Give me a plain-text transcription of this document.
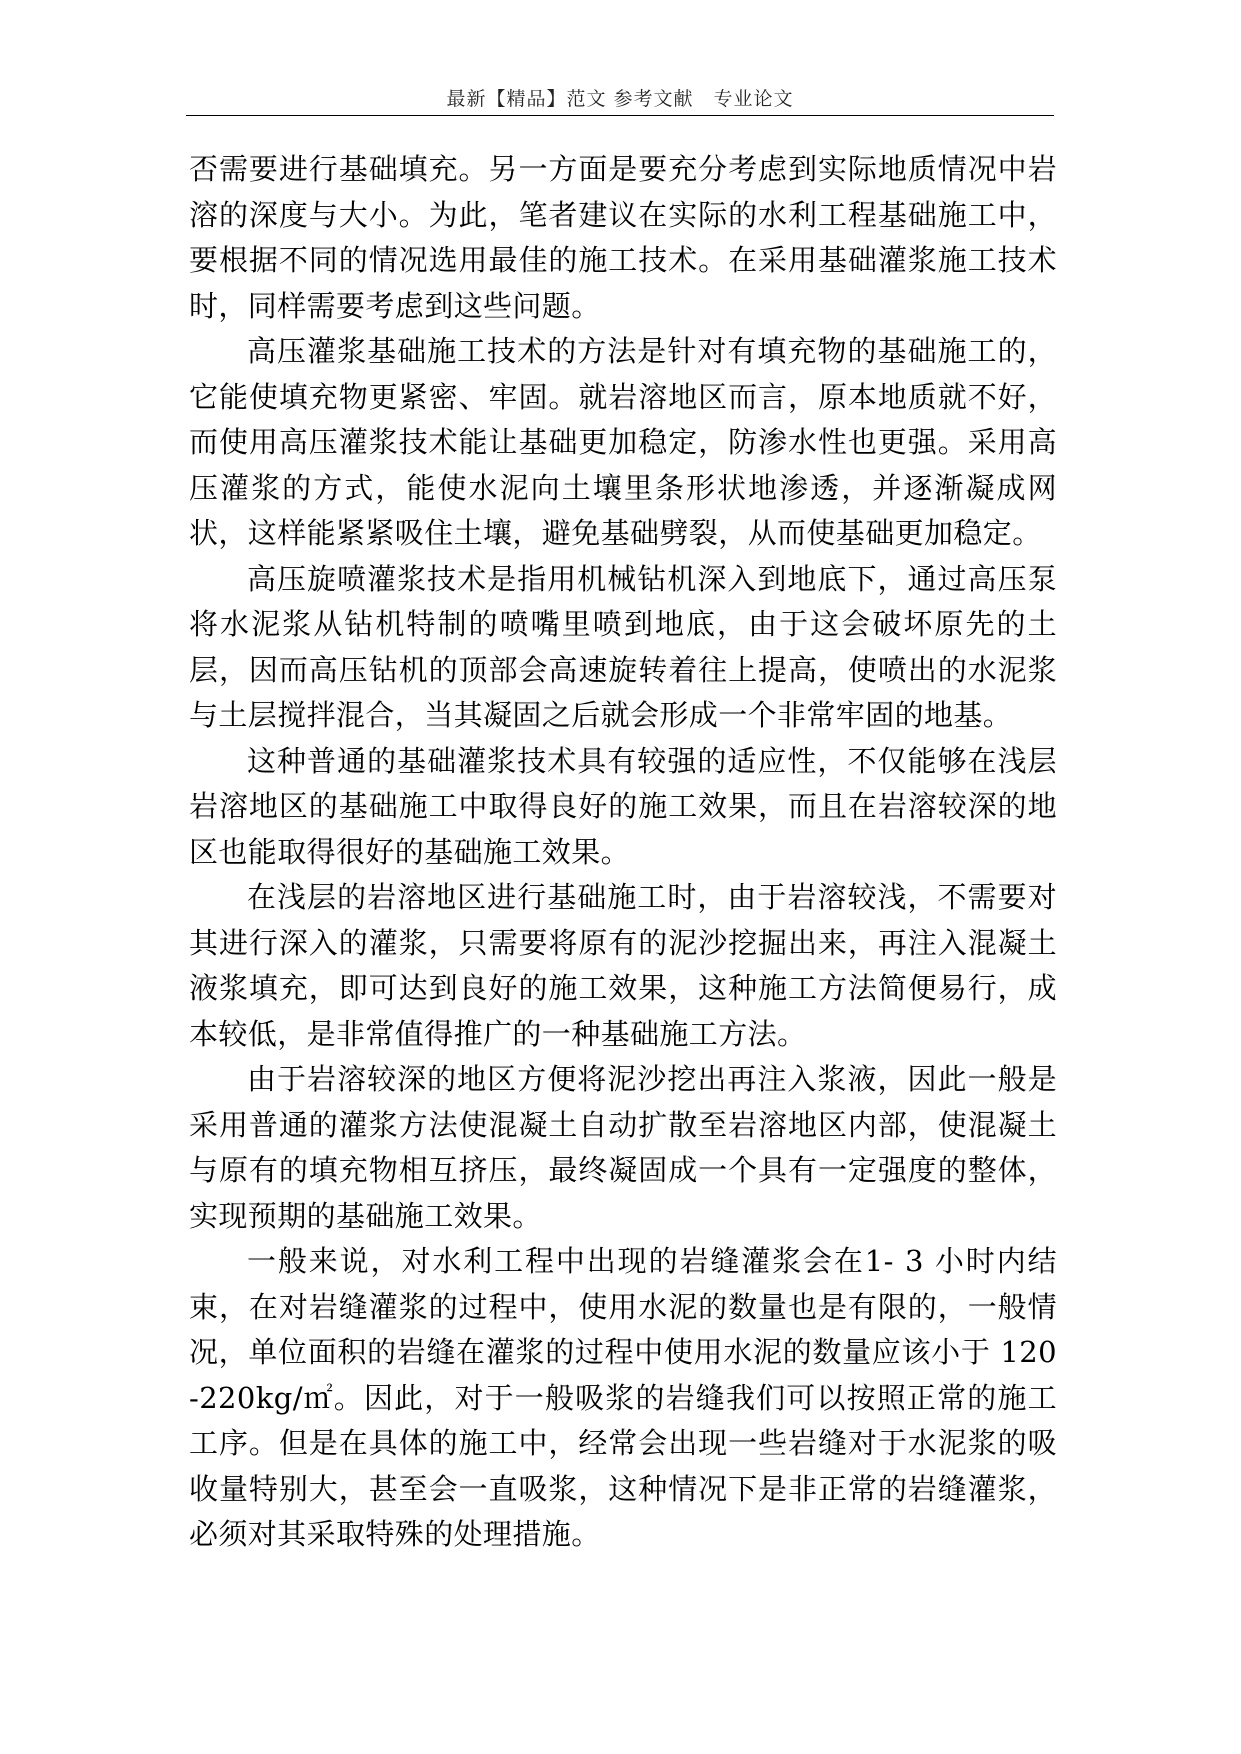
最新【精品】范文 参考文献　专业论文

否需要进行基础填充。另一方面是要充分考虑到实际地质情况中岩溶的深度与大小。为此，笔者建议在实际的水利工程基础施工中，要根据不同的情况选用最佳的施工技术。在采用基础灌浆施工技术时，同样需要考虑到这些问题。

高压灌浆基础施工技术的方法是针对有填充物的基础施工的，它能使填充物更紧密、牢固。就岩溶地区而言，原本地质就不好，而使用高压灌浆技术能让基础更加稳定，防渗水性也更强。采用高压灌浆的方式，能使水泥向土壤里条形状地渗透，并逐渐凝成网状，这样能紧紧吸住土壤，避免基础劈裂，从而使基础更加稳定。

高压旋喷灌浆技术是指用机械钻机深入到地底下，通过高压泵将水泥浆从钻机特制的喷嘴里喷到地底，由于这会破坏原先的土层，因而高压钻机的顶部会高速旋转着往上提高，使喷出的水泥浆与土层搅拌混合，当其凝固之后就会形成一个非常牢固的地基。

这种普通的基础灌浆技术具有较强的适应性，不仅能够在浅层岩溶地区的基础施工中取得良好的施工效果，而且在岩溶较深的地区也能取得很好的基础施工效果。

在浅层的岩溶地区进行基础施工时，由于岩溶较浅，不需要对其进行深入的灌浆，只需要将原有的泥沙挖掘出来，再注入混凝土液浆填充，即可达到良好的施工效果，这种施工方法简便易行，成本较低，是非常值得推广的一种基础施工方法。

由于岩溶较深的地区方便将泥沙挖出再注入浆液，因此一般是采用普通的灌浆方法使混凝土自动扩散至岩溶地区内部，使混凝土与原有的填充物相互挤压，最终凝固成一个具有一定强度的整体，实现预期的基础施工效果。

一般来说，对水利工程中出现的岩缝灌浆会在1- 3 小时内结束，在对岩缝灌浆的过程中，使用水泥的数量也是有限的，一般情况，单位面积的岩缝在灌浆的过程中使用水泥的数量应该小于 120-220kg/㎡。因此，对于一般吸浆的岩缝我们可以按照正常的施工工序。但是在具体的施工中，经常会出现一些岩缝对于水泥浆的吸收量特别大，甚至会一直吸浆，这种情况下是非正常的岩缝灌浆，必须对其采取特殊的处理措施。
